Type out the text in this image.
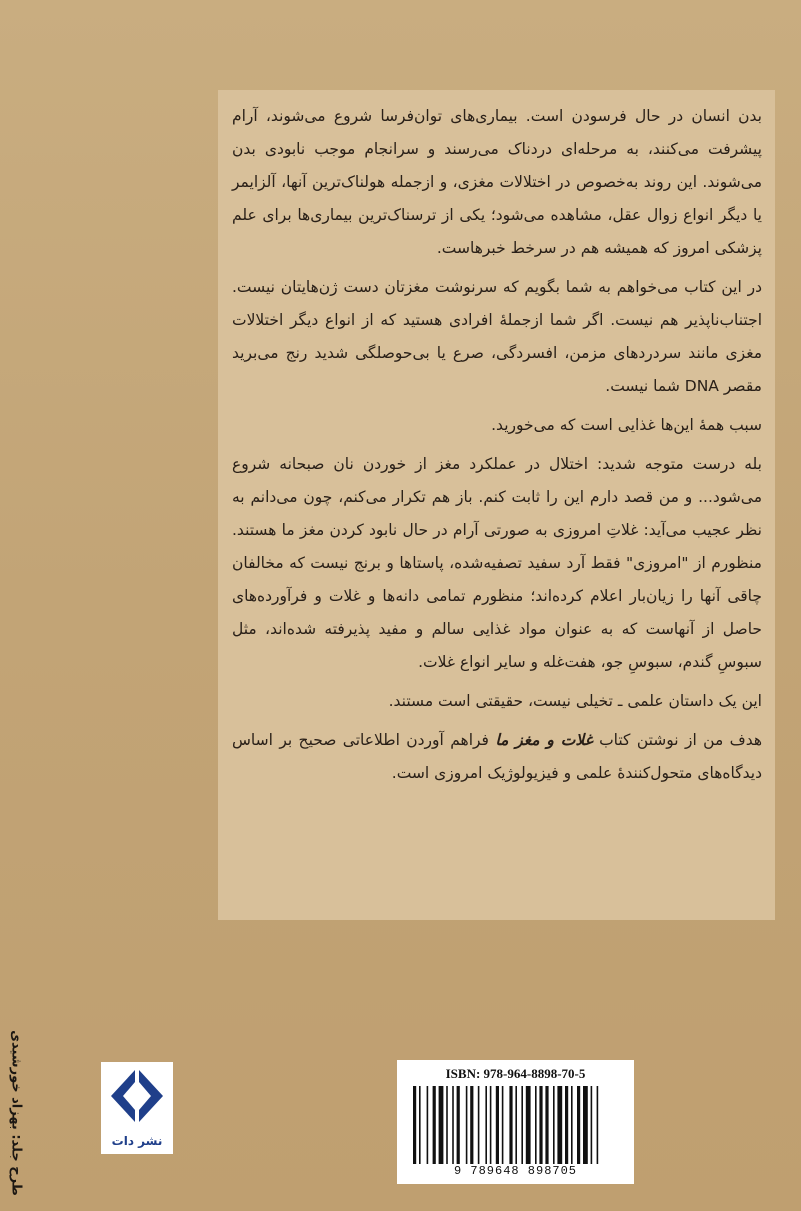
بدن انسان در حال فرسودن است. بیماری‌های توان‌فرسا شروع می‌شوند، آرام پیشرفت می‌کنند، به مرحله‌ای دردناک می‌رسند و سرانجام موجب نابودی بدن می‌شوند. این روند به‌خصوص در اختلالات مغزی، و ازجمله هولناک‌ترین آنها، آلزایمر یا دیگر انواع زوال عقل، مشاهده می‌شود؛ یکی از ترسناک‌ترین بیماری‌ها برای علم پزشکی امروز که همیشه هم در سرخط خبرهاست.

در این کتاب می‌خواهم به شما بگویم که سرنوشت مغزتان دست ژن‌هایتان نیست. اجتناب‌ناپذیر هم نیست. اگر شما ازجملهٔ افرادی هستید که از انواع دیگر اختلالات مغزی مانند سردردهای مزمن، افسردگی، صرع یا بی‌حوصلگی شدید رنج می‌برید مقصر DNA شما نیست.

سبب همهٔ این‌ها غذایی است که می‌خورید.

بله درست متوجه شدید: اختلال در عملکرد مغز از خوردن نان صبحانه شروع می‌شود... و من قصد دارم این را ثابت کنم. باز هم تکرار می‌کنم، چون می‌دانم به نظر عجیب می‌آید: غلاتِ امروزی به صورتی آرام در حال نابود کردن مغز ما هستند. منظورم از "امروزی" فقط آرد سفید تصفیه‌شده، پاستاها و برنج نیست که مخالفان چاقی آنها را زیان‌بار اعلام کرده‌اند؛ منظورم تمامی دانه‌ها و غلات و فرآورده‌های حاصل از آنهاست که به عنوان مواد غذایی سالم و مفید پذیرفته شده‌اند، مثل سبوسِ گندم، سبوسِ جو، هفت‌غله و سایر انواع غلات.

این یک داستان علمی ـ تخیلی نیست، حقیقتی است مستند.

هدف من از نوشتن کتاب غلات و مغز ما فراهم آوردن اطلاعاتی صحیح بر اساس دیدگاه‌های متحول‌کنندهٔ علمی و فیزیولوژیک امروزی است.

نشر دات
ISBN: 978-964-8898-70-5
9 789648 898705
طرح جلد: بهزاد خورشیدی
